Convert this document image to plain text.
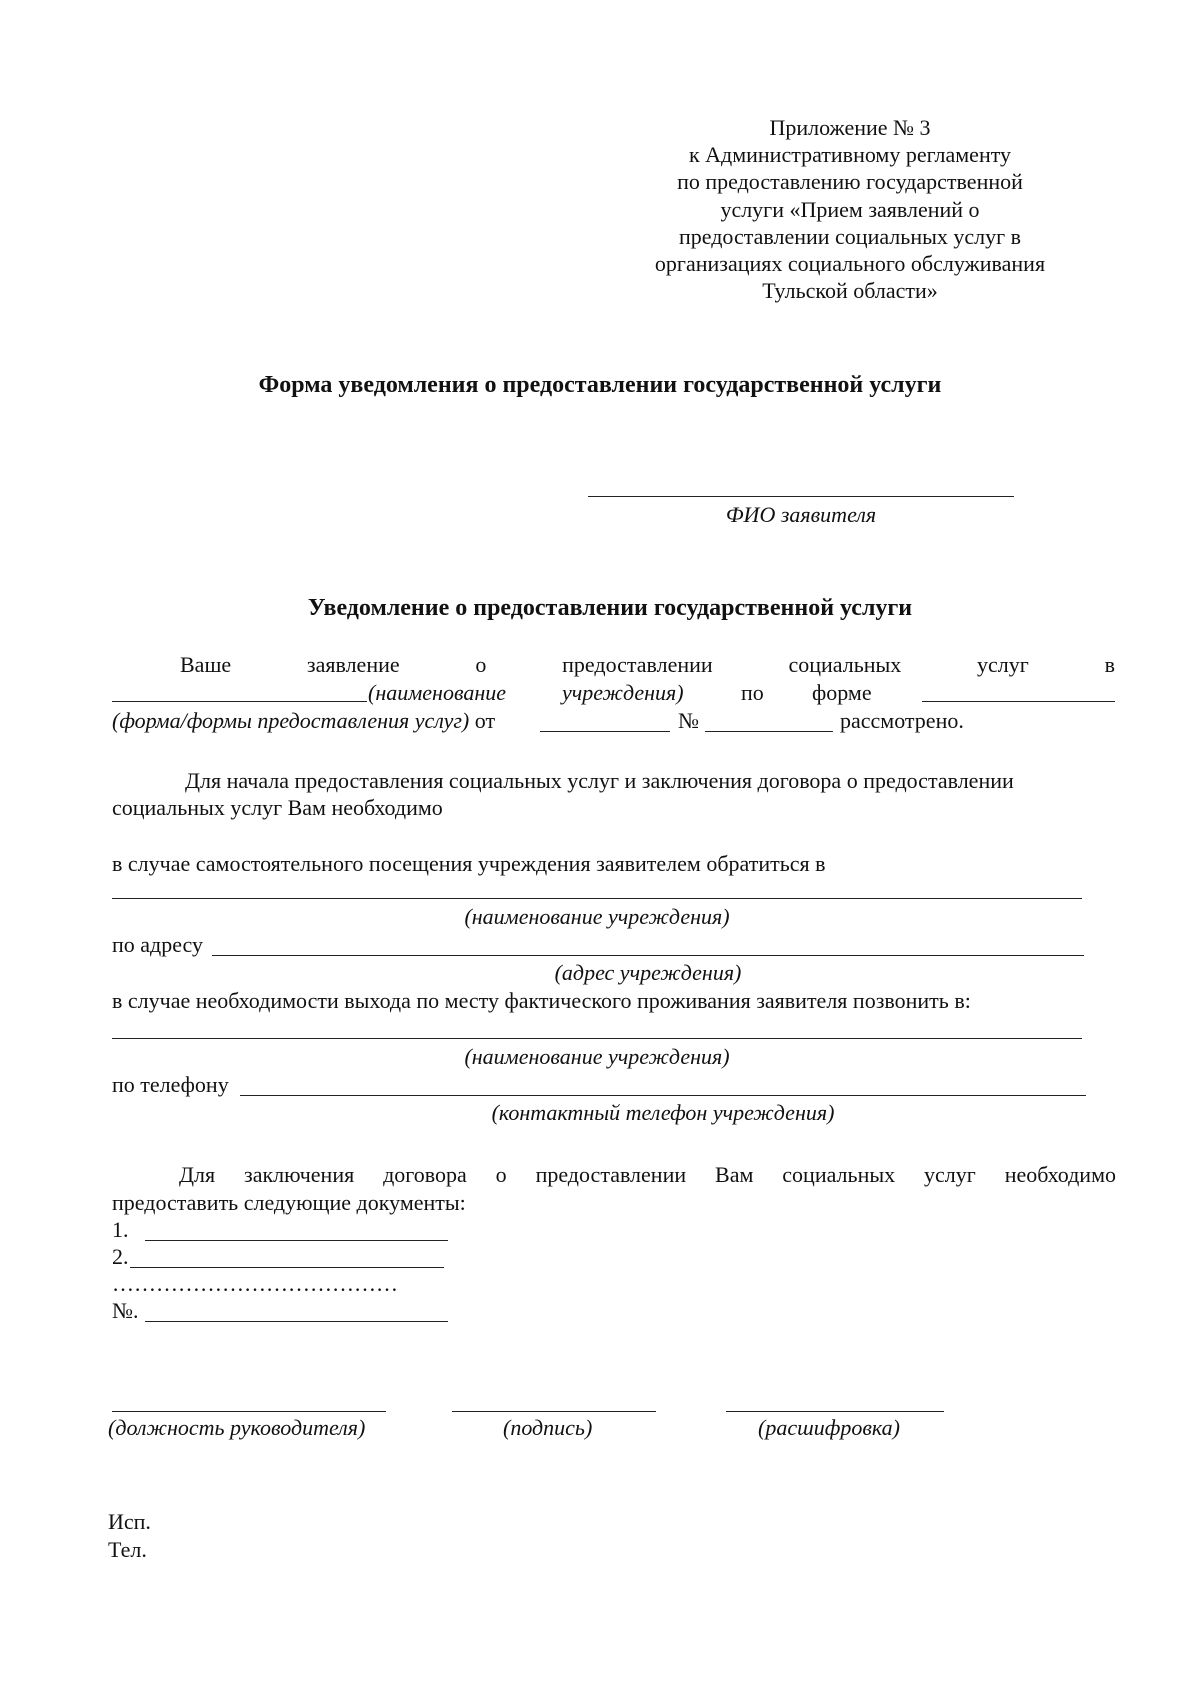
Приложение № 3
к Административному регламенту
по предоставлению государственной
услуги «Прием заявлений о
предоставлении социальных услуг в
организациях социального обслуживания
Тульской области»
Форма уведомления о предоставлении государственной услуги
ФИО заявителя
Уведомление о предоставлении государственной услуги
Ваше	заявление	о	предоставлении	социальных	услуг	в
(наименование	учреждения)	по форме
(форма/формы предоставления услуг) от	№	рассмотрено.
Для начала предоставления социальных услуг и заключения договора о предоставлении
социальных услуг Вам необходимо
в случае самостоятельного посещения учреждения заявителем обратиться в
(наименование учреждения)
по адресу
(адрес учреждения)
в случае необходимости выхода по месту фактического проживания заявителя позвонить в:
(наименование учреждения)
по телефону
(контактный телефон учреждения)
Для заключения договора о предоставлении Вам социальных услуг необходимо
предоставить следующие документы:
1.
2.
…………………………………
№.
(должность руководителя)	(подпись)	(расшифровка)
Исп.
Тел.
